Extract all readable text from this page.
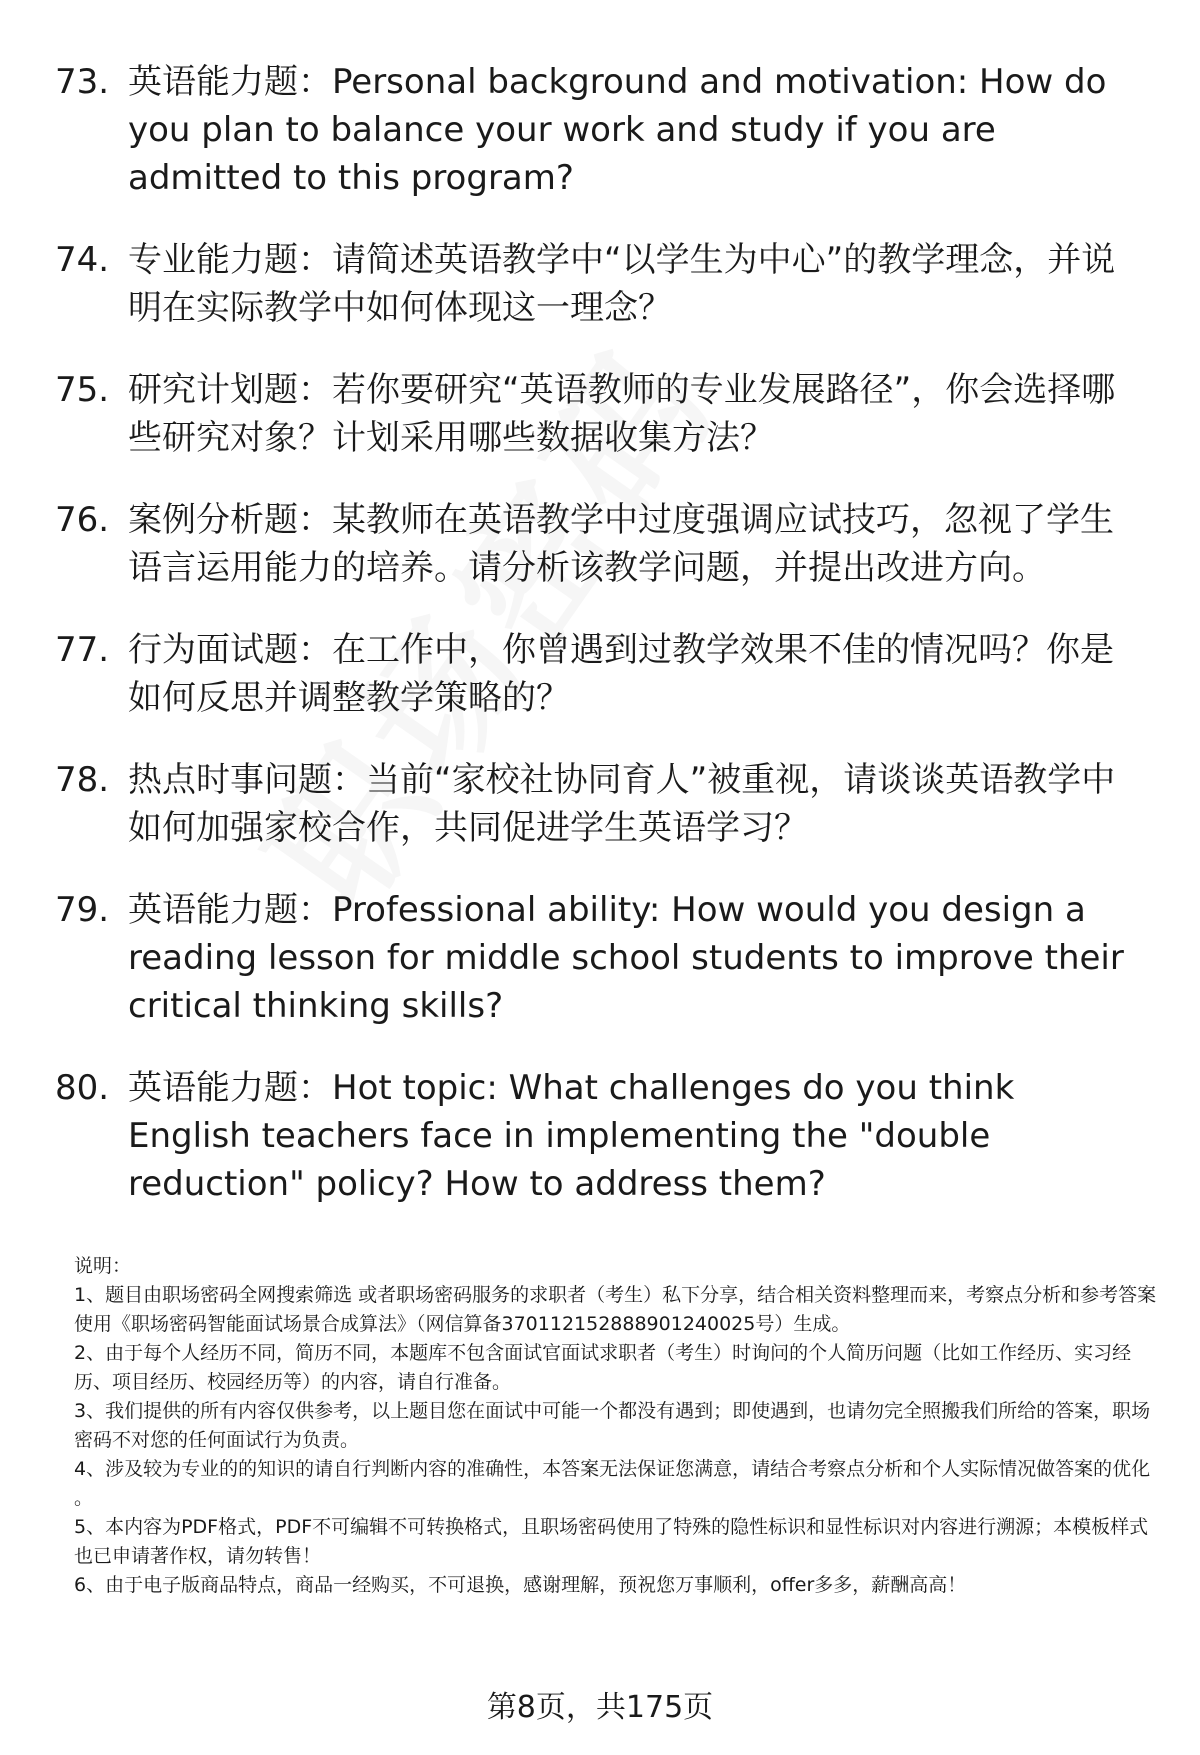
73. 英语能力题：Personal background and motivation: How do you plan to balance your work and study if you are admitted to this program?
74. 专业能力题：请简述英语教学中“以学生为中心”的教学理念，并说明在实际教学中如何体现这一理念？
75. 研究计划题：若你要研究“英语教师的专业发展路径”，你会选择哪些研究对象？计划采用哪些数据收集方法？
76. 案例分析题：某教师在英语教学中过度强调应试技巧，忽视了学生语言运用能力的培养。请分析该教学问题，并提出改进方向。
77. 行为面试题：在工作中，你曾遇到过教学效果不佳的情况吗？你是如何反思并调整教学策略的？
78. 热点时事问题：当前“家校社协同育人”被重视，请谈谈英语教学中如何加强家校合作，共同促进学生英语学习？
79. 英语能力题：Professional ability: How would you design a reading lesson for middle school students to improve their critical thinking skills?
80. 英语能力题：Hot topic: What challenges do you think English teachers face in implementing the "double reduction" policy? How to address them?
说明：
1、题目由职场密码全网搜索筛选 或者职场密码服务的求职者（考生）私下分享，结合相关资料整理而来，考察点分析和参考答案使用《职场密码智能面试场景合成算法》（网信算备370112152888901240025号）生成。
2、由于每个人经历不同，简历不同，本题库不包含面试官面试求职者（考生）时询问的个人简历问题（比如工作经历、实习经历、项目经历、校园经历等）的内容，请自行准备。
3、我们提供的所有内容仅供参考，以上题目您在面试中可能一个都没有遇到；即使遇到，也请勿完全照搬我们所给的答案，职场密码不对您的任何面试行为负责。
4、涉及较为专业的的知识的请自行判断内容的准确性，本答案无法保证您满意，请结合考察点分析和个人实际情况做答案的优化 。
5、本内容为PDF格式，PDF不可编辑不可转换格式，且职场密码使用了特殊的隐性标识和显性标识对内容进行溯源；本模板样式也已申请著作权，请勿转售！
6、由于电子版商品特点，商品一经购买，不可退换，感谢理解，预祝您万事顺利，offer多多，薪酬高高！
第8页，共175页
